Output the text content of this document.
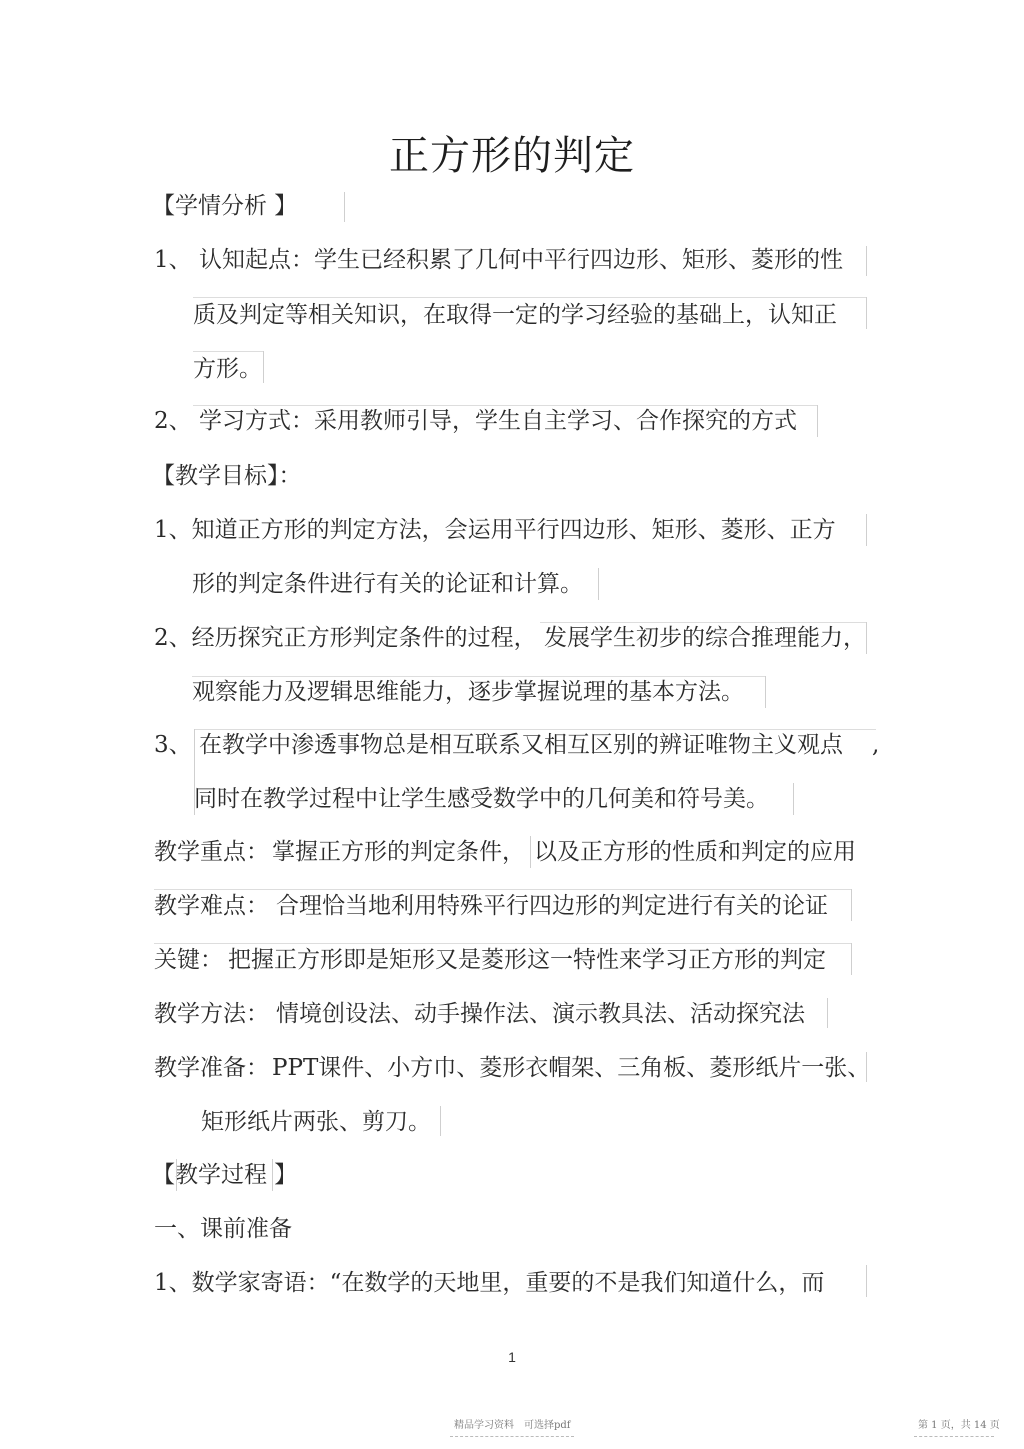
正方形的判定
【学情分析 】
1、 认知起点：学生已经积累了几何中平行四边形、矩形、菱形的性
质及判定等相关知识，在取得一定的学习经验的基础上，认知正
方形。
2、 学习方式：采用教师引导，学生自主学习、合作探究的方式
【教学目标】：
1、知道正方形的判定方法，会运用平行四边形、矩形、菱形、正方
形的判定条件进行有关的论证和计算。
2、经历探究正方形判定条件的过程， 发展学生初步的综合推理能力，
观察能力及逻辑思维能力，逐步掌握说理的基本方法。
3、 在教学中渗透事物总是相互联系又相互区别的辨证唯物主义观点 ,
同时在教学过程中让学生感受数学中的几何美和符号美。
教学重点： 掌握正方形的判定条件， 以及正方形的性质和判定的应用
教学难点： 合理恰当地利用特殊平行四边形的判定进行有关的论证
关键： 把握正方形即是矩形又是菱形这一特性来学习正方形的判定
教学方法： 情境创设法、动手操作法、演示教具法、活动探究法
教学准备： PPT课件、小方巾、菱形衣帽架、三角板、菱形纸片一张、
矩形纸片两张、剪刀。
【教学过程 】
一、课前准备
1、数学家寄语：“在数学的天地里，重要的不是我们知道什么，而
1
精品学习资料　可选择pdf	第 1 页，共 14 页
